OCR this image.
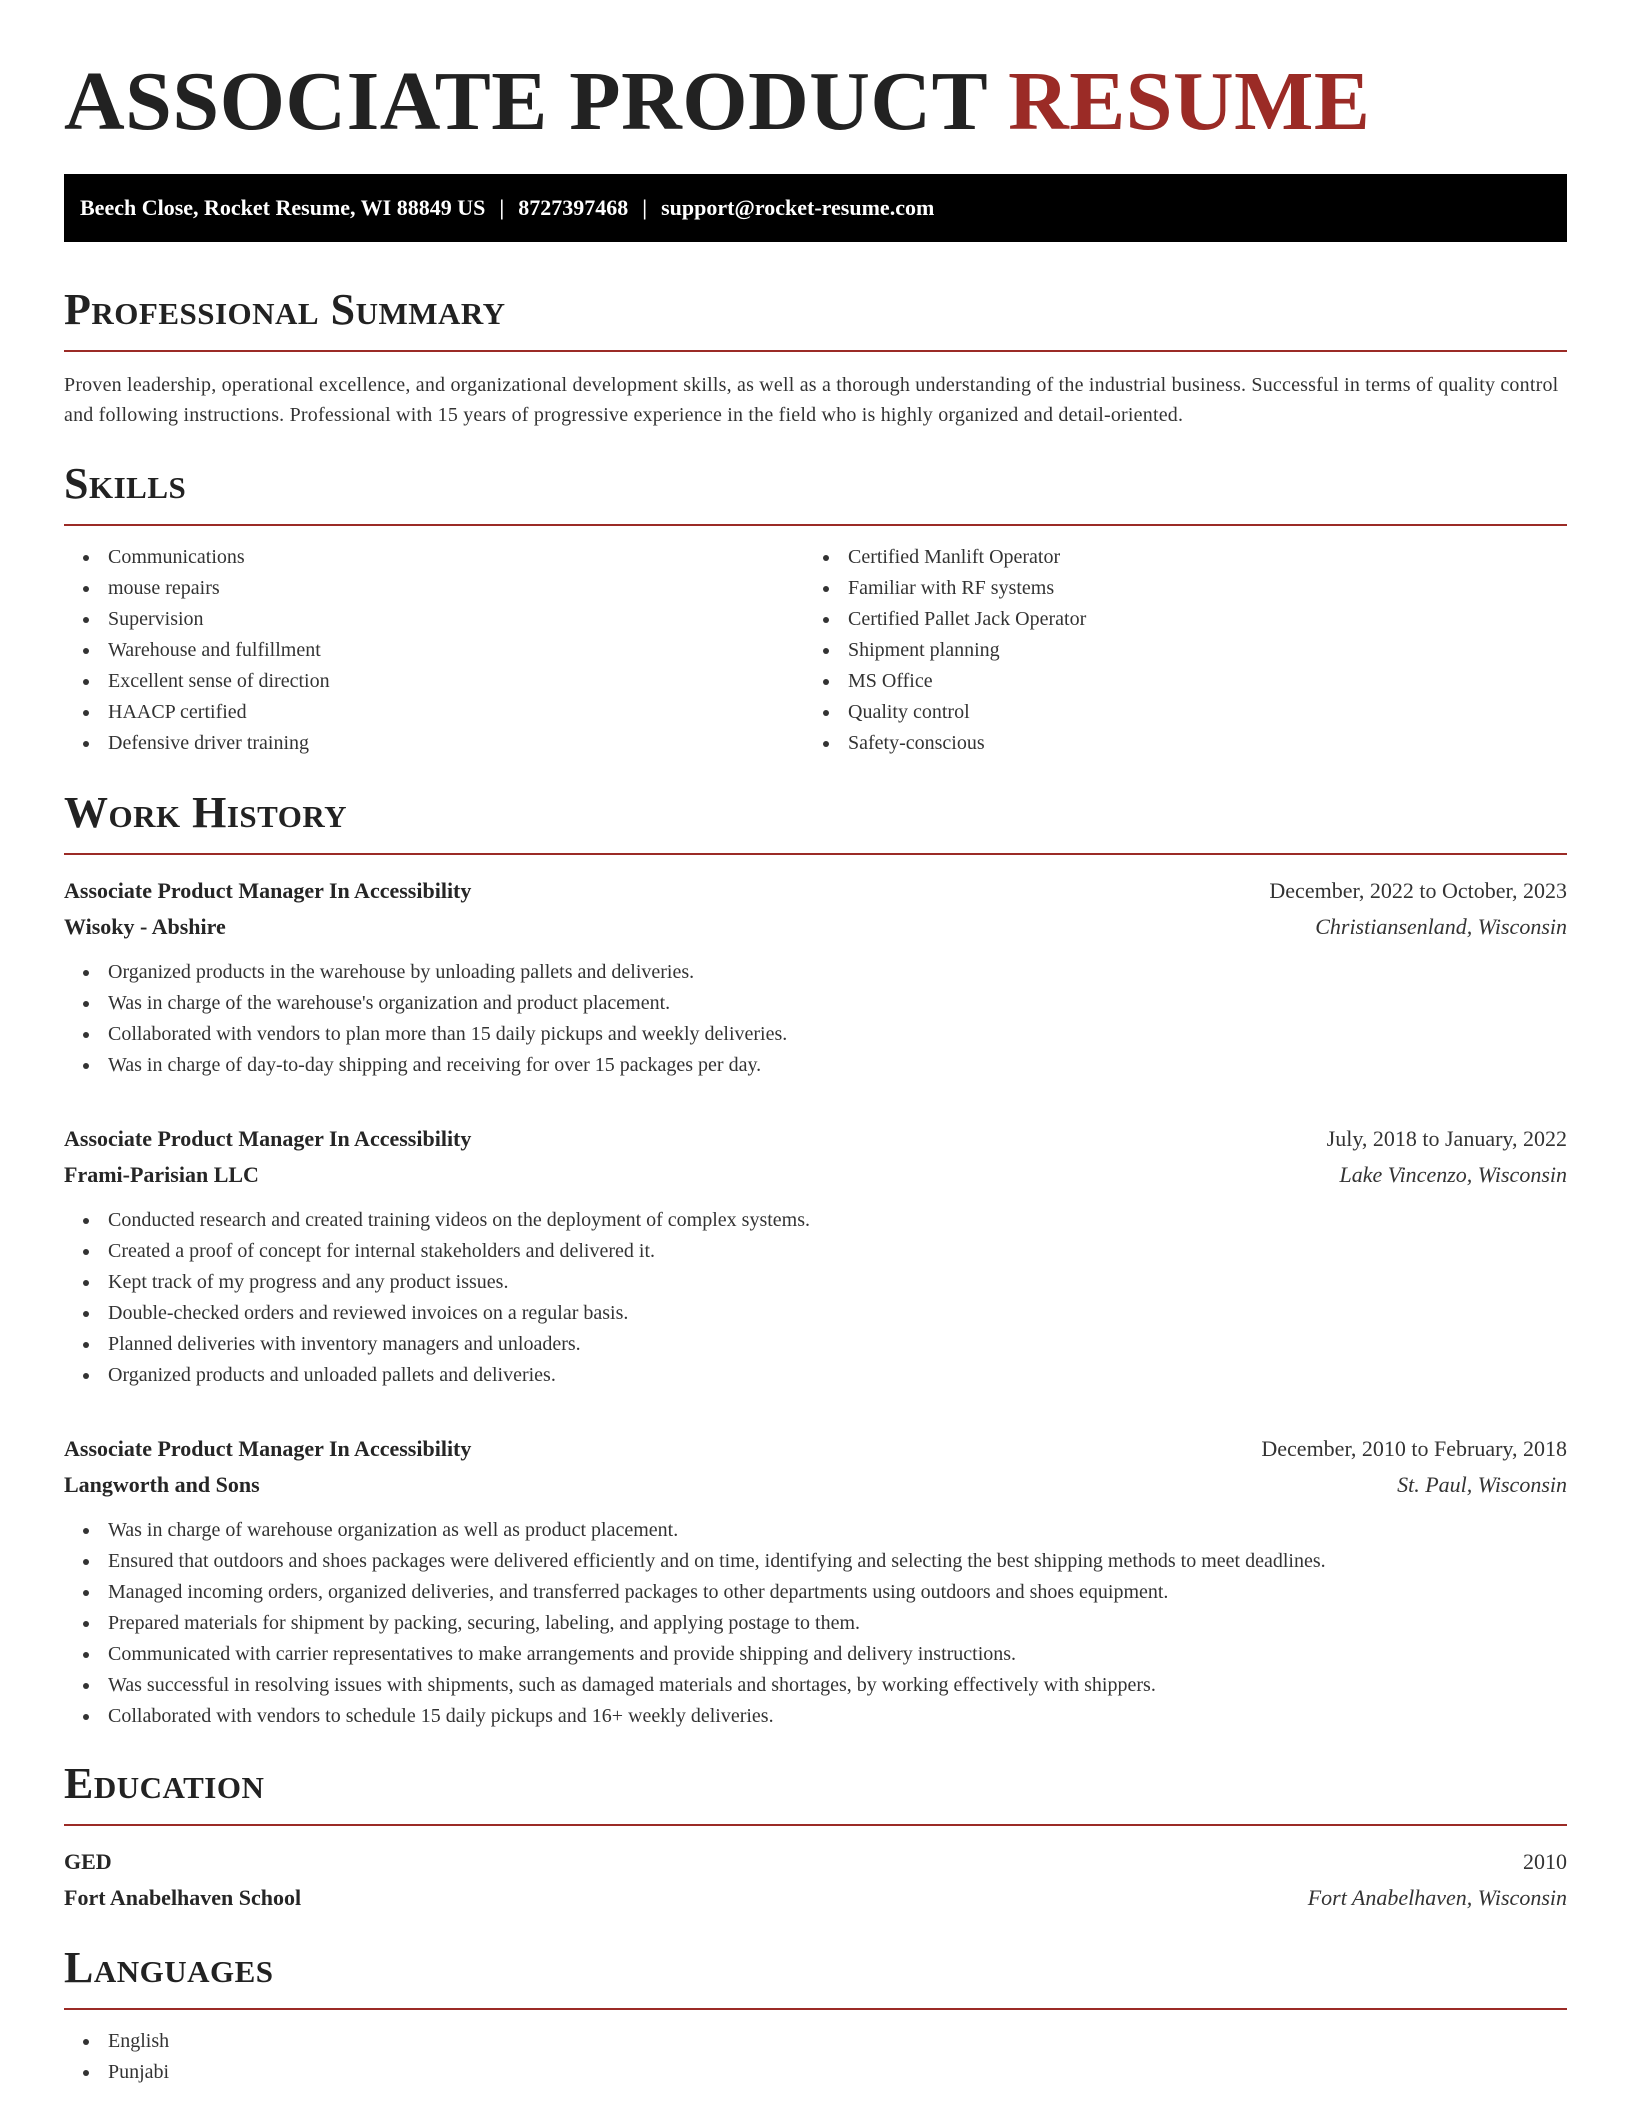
ASSOCIATE PRODUCT RESUME
Beech Close, Rocket Resume, WI 88849 US | 8727397468 | support@rocket-resume.com
Professional Summary

Proven leadership, operational excellence, and organizational development skills, as well as a thorough understanding of the industrial business. Successful in terms of quality control and following instructions. Professional with 15 years of progressive experience in the field who is highly organized and detail-oriented.

Skills
Communications
mouse repairs
Supervision
Warehouse and fulfillment
Excellent sense of direction
HAACP certified
Defensive driver training
Certified Manlift Operator
Familiar with RF systems
Certified Pallet Jack Operator
Shipment planning
MS Office
Quality control
Safety-conscious
Work History
Associate Product Manager In Accessibility	December, 2022 to October, 2023
Wisoky - Abshire	Christiansenland, Wisconsin
Organized products in the warehouse by unloading pallets and deliveries.
Was in charge of the warehouse's organization and product placement.
Collaborated with vendors to plan more than 15 daily pickups and weekly deliveries.
Was in charge of day-to-day shipping and receiving for over 15 packages per day.
Associate Product Manager In Accessibility	July, 2018 to January, 2022
Frami-Parisian LLC	Lake Vincenzo, Wisconsin
Conducted research and created training videos on the deployment of complex systems.
Created a proof of concept for internal stakeholders and delivered it.
Kept track of my progress and any product issues.
Double-checked orders and reviewed invoices on a regular basis.
Planned deliveries with inventory managers and unloaders.
Organized products and unloaded pallets and deliveries.
Associate Product Manager In Accessibility	December, 2010 to February, 2018
Langworth and Sons	St. Paul, Wisconsin
Was in charge of warehouse organization as well as product placement.
Ensured that outdoors and shoes packages were delivered efficiently and on time, identifying and selecting the best shipping methods to meet deadlines.
Managed incoming orders, organized deliveries, and transferred packages to other departments using outdoors and shoes equipment.
Prepared materials for shipment by packing, securing, labeling, and applying postage to them.
Communicated with carrier representatives to make arrangements and provide shipping and delivery instructions.
Was successful in resolving issues with shipments, such as damaged materials and shortages, by working effectively with shippers.
Collaborated with vendors to schedule 15 daily pickups and 16+ weekly deliveries.
Education
GED	2010
Fort Anabelhaven School	Fort Anabelhaven, Wisconsin
Languages
English
Punjabi
